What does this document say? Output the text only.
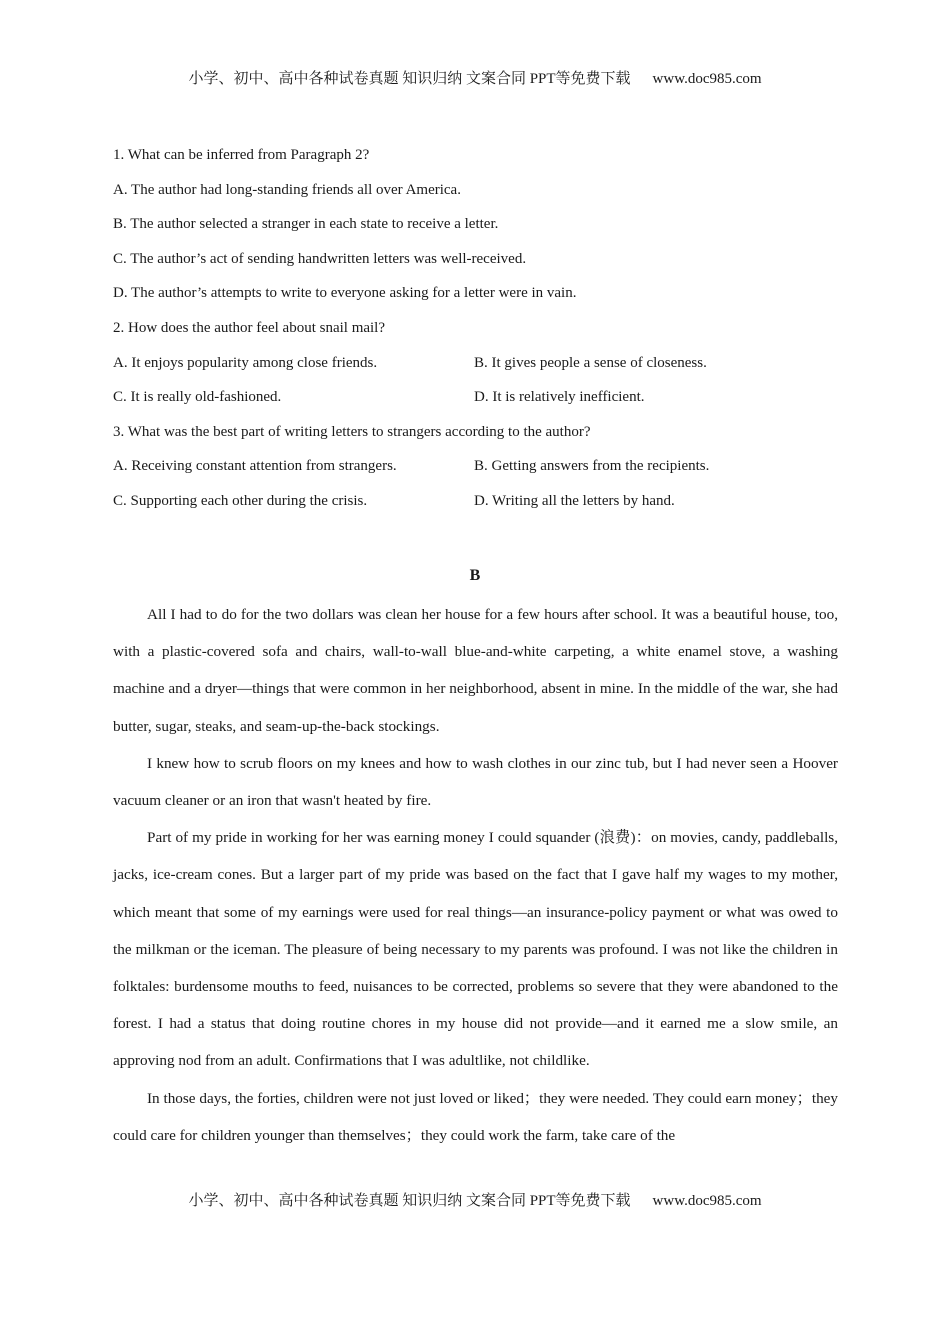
小学、初中、高中各种试卷真题 知识归纳 文案合同 PPT等免费下载 www.doc985.com
1. What can be inferred from Paragraph 2?
A. The author had long-standing friends all over America.
B. The author selected a stranger in each state to receive a letter.
C. The author’s act of sending handwritten letters was well-received.
D. The author’s attempts to write to everyone asking for a letter were in vain.
2. How does the author feel about snail mail?
A. It enjoys popularity among close friends.	B. It gives people a sense of closeness.
C. It is really old-fashioned.	D. It is relatively inefficient.
3. What was the best part of writing letters to strangers according to the author?
A. Receiving constant attention from strangers.	B. Getting answers from the recipients.
C. Supporting each other during the crisis.	D. Writing all the letters by hand.
B

All I had to do for the two dollars was clean her house for a few hours after school. It was a beautiful house, too, with a plastic-covered sofa and chairs, wall-to-wall blue-and-white carpeting, a white enamel stove, a washing machine and a dryer—things that were common in her neighborhood, absent in mine. In the middle of the war, she had butter, sugar, steaks, and seam-up-the-back stockings.

I knew how to scrub floors on my knees and how to wash clothes in our zinc tub, but I had never seen a Hoover vacuum cleaner or an iron that wasn't heated by fire.

Part of my pride in working for her was earning money I could squander (浪费)：on movies, candy, paddleballs, jacks, ice-cream cones. But a larger part of my pride was based on the fact that I gave half my wages to my mother, which meant that some of my earnings were used for real things—an insurance-policy payment or what was owed to the milkman or the iceman. The pleasure of being necessary to my parents was profound. I was not like the children in folktales: burdensome mouths to feed, nuisances to be corrected, problems so severe that they were abandoned to the forest. I had a status that doing routine chores in my house did not provide—and it earned me a slow smile, an approving nod from an adult. Confirmations that I was adultlike, not childlike.

In those days, the forties, children were not just loved or liked；they were needed. They could earn money；they could care for children younger than themselves；they could work the farm, take care of the

小学、初中、高中各种试卷真题 知识归纳 文案合同 PPT等免费下载 www.doc985.com
